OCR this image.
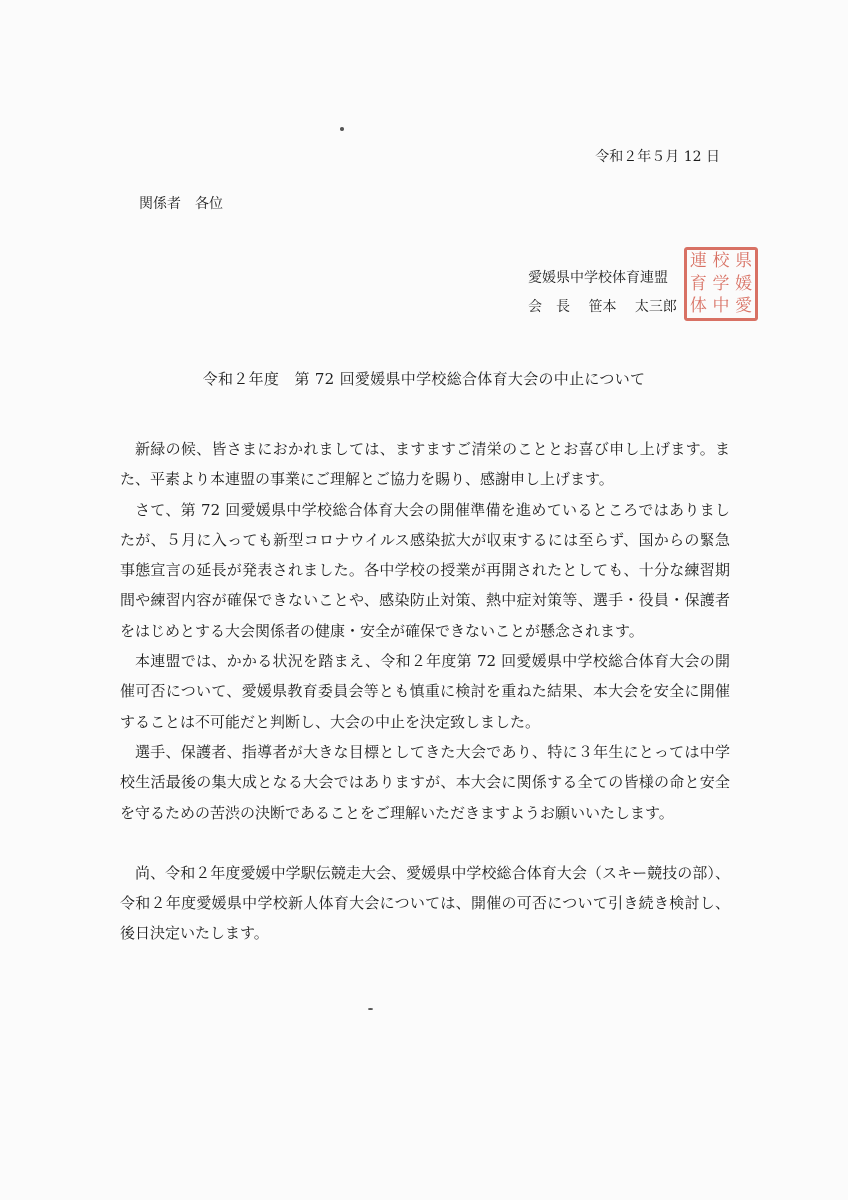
令和２年５月 12 日
関係者　各位
愛媛県中学校体育連盟
会　長　 笹本　 太三郎	愛
媛
県
中
学
校
体
育
連
令和２年度　第 72 回愛媛県中学校総合体育大会の中止について

新緑の候、皆さまにおかれましては、ますますご清栄のこととお喜び申し上げます。また、平素より本連盟の事業にご理解とご協力を賜り、感謝申し上げます。

さて、第 72 回愛媛県中学校総合体育大会の開催準備を進めているところではありましたが、５月に入っても新型コロナウイルス感染拡大が収束するには至らず、国からの緊急事態宣言の延長が発表されました。各中学校の授業が再開されたとしても、十分な練習期間や練習内容が確保できないことや、感染防止対策、熱中症対策等、選手・役員・保護者をはじめとする大会関係者の健康・安全が確保できないことが懸念されます。

本連盟では、かかる状況を踏まえ、令和２年度第 72 回愛媛県中学校総合体育大会の開催可否について、愛媛県教育委員会等とも慎重に検討を重ねた結果、本大会を安全に開催することは不可能だと判断し、大会の中止を決定致しました。

選手、保護者、指導者が大きな目標としてきた大会であり、特に３年生にとっては中学校生活最後の集大成となる大会ではありますが、本大会に関係する全ての皆様の命と安全を守るための苦渋の決断であることをご理解いただきますようお願いいたします。

尚、令和２年度愛媛中学駅伝競走大会、愛媛県中学校総合体育大会（スキー競技の部）、令和２年度愛媛県中学校新人体育大会については、開催の可否について引き続き検討し、後日決定いたします。
